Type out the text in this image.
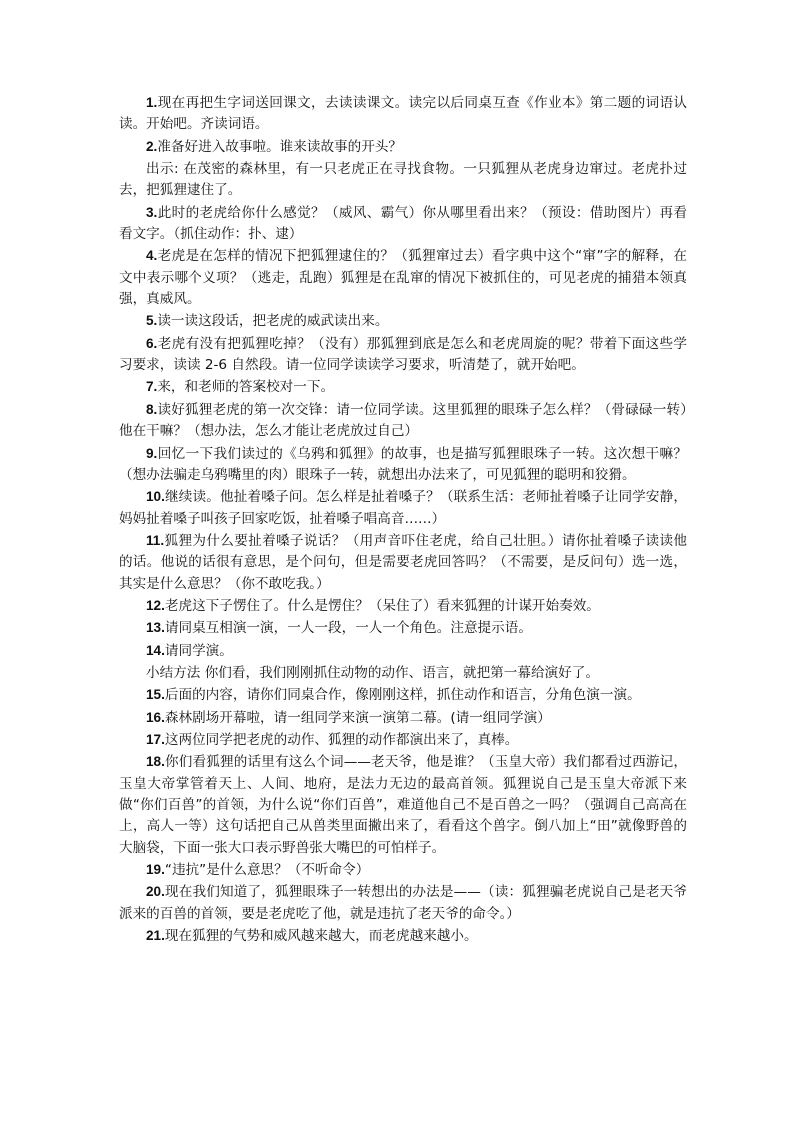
1.现在再把生字词送回课文，去读读课文。读完以后同桌互查《作业本》第二题的词语认读。开始吧。齐读词语。

2.准备好进入故事啦。谁来读故事的开头？

出示: 在茂密的森林里，有一只老虎正在寻找食物。一只狐狸从老虎身边窜过。老虎扑过去，把狐狸逮住了。

3.此时的老虎给你什么感觉？（威风、霸气）你从哪里看出来？（预设：借助图片）再看看文字。（抓住动作：扑、逮）

4.老虎是在怎样的情况下把狐狸逮住的？（狐狸窜过去）看字典中这个“窜”字的解释，在文中表示哪个义项？（逃走，乱跑）狐狸是在乱窜的情况下被抓住的，可见老虎的捕猎本领真强，真威风。

5.读一读这段话，把老虎的威武读出来。

6.老虎有没有把狐狸吃掉？（没有）那狐狸到底是怎么和老虎周旋的呢？带着下面这些学习要求，读读 2-6 自然段。请一位同学读读学习要求，听清楚了，就开始吧。

7.来，和老师的答案校对一下。

8.读好狐狸老虎的第一次交锋：请一位同学读。这里狐狸的眼珠子怎么样？（骨碌碌一转）他在干嘛？（想办法，怎么才能让老虎放过自己）

9.回忆一下我们读过的《乌鸦和狐狸》的故事，也是描写狐狸眼珠子一转。这次想干嘛？（想办法骗走乌鸦嘴里的肉）眼珠子一转，就想出办法来了，可见狐狸的聪明和狡猾。

10.继续读。他扯着嗓子问。怎么样是扯着嗓子？（联系生活：老师扯着嗓子让同学安静，妈妈扯着嗓子叫孩子回家吃饭，扯着嗓子唱高音……）

11.狐狸为什么要扯着嗓子说话？（用声音吓住老虎，给自己壮胆。）请你扯着嗓子读读他的话。他说的话很有意思，是个问句，但是需要老虎回答吗？（不需要，是反问句）选一选，其实是什么意思？（你不敢吃我。）

12.老虎这下子愣住了。什么是愣住？（呆住了）看来狐狸的计谋开始奏效。

13.请同桌互相演一演，一人一段，一人一个角色。注意提示语。

14.请同学演。

小结方法 你们看，我们刚刚抓住动物的动作、语言，就把第一幕给演好了。

15.后面的内容，请你们同桌合作，像刚刚这样，抓住动作和语言，分角色演一演。

16.森林剧场开幕啦，请一组同学来演一演第二幕。(请一组同学演）

17.这两位同学把老虎的动作、狐狸的动作都演出来了，真棒。

18.你们看狐狸的话里有这么个词——老天爷，他是谁？（玉皇大帝）我们都看过西游记，玉皇大帝掌管着天上、人间、地府，是法力无边的最高首领。狐狸说自己是玉皇大帝派下来做“你们百兽”的首领，为什么说“你们百兽”，难道他自己不是百兽之一吗？（强调自己高高在上，高人一等）这句话把自己从兽类里面撇出来了，看看这个兽字。倒八加上“田”就像野兽的大脑袋，下面一张大口表示野兽张大嘴巴的可怕样子。

19.“违抗”是什么意思？（不听命令）

20.现在我们知道了，狐狸眼珠子一转想出的办法是——（读：狐狸骗老虎说自己是老天爷派来的百兽的首领，要是老虎吃了他，就是违抗了老天爷的命令。）

21.现在狐狸的气势和威风越来越大，而老虎越来越小。
